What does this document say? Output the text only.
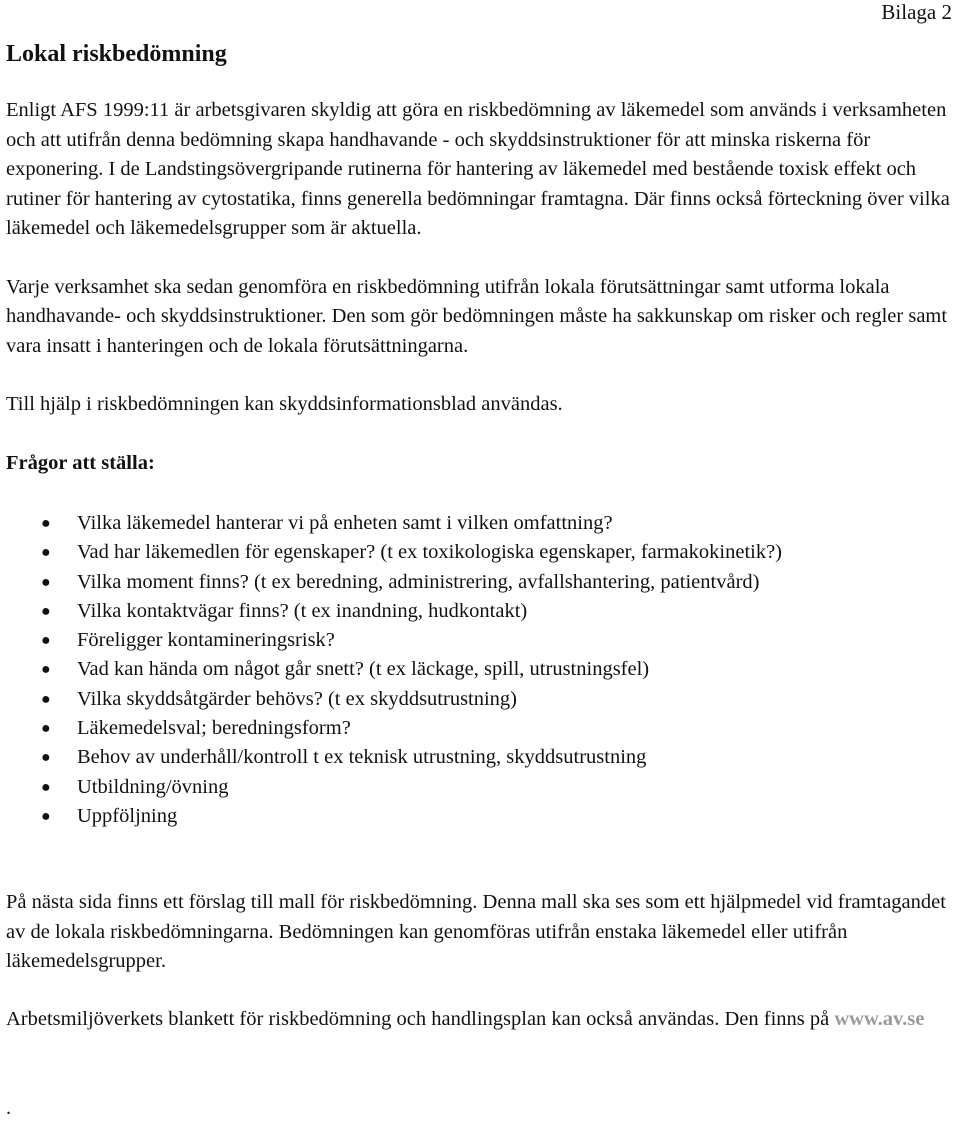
Bilaga 2

Lokal riskbedömning

Enligt AFS 1999:11 är arbetsgivaren skyldig att göra en riskbedömning av läkemedel som används i verksamheten och att utifrån denna bedömning skapa handhavande - och skyddsinstruktioner för att minska riskerna för exponering. I de Landstingsövergripande rutinerna för hantering av läkemedel med bestående toxisk effekt och rutiner för hantering av cytostatika, finns generella bedömningar framtagna. Där finns också förteckning över vilka läkemedel och läkemedelsgrupper som är aktuella.

Varje verksamhet ska sedan genomföra en riskbedömning utifrån lokala förutsättningar samt utforma lokala handhavande- och skyddsinstruktioner. Den som gör bedömningen måste ha sakkunskap om risker och regler samt vara insatt i hanteringen och de lokala förutsättningarna.

Till hjälp i riskbedömningen kan skyddsinformationsblad användas.

Frågor att ställa:

● Vilka läkemedel hanterar vi på enheten samt i vilken omfattning?
● Vad har läkemedlen för egenskaper? (t ex toxikologiska egenskaper, farmakokinetik?)
● Vilka moment finns? (t ex beredning, administrering, avfallshantering, patientvård)
● Vilka kontaktvägar finns? (t ex inandning, hudkontakt)
● Föreligger kontamineringsrisk?
● Vad kan hända om något går snett? (t ex läckage, spill, utrustningsfel)
● Vilka skyddsåtgärder behövs? (t ex skyddsutrustning)
● Läkemedelsval; beredningsform?
● Behov av underhåll/kontroll t ex teknisk utrustning, skyddsutrustning
● Utbildning/övning
● Uppföljning

På nästa sida finns ett förslag till mall för riskbedömning. Denna mall ska ses som ett hjälpmedel vid framtagandet av de lokala riskbedömningarna. Bedömningen kan genomföras utifrån enstaka läkemedel eller utifrån läkemedelsgrupper.

Arbetsmiljöverkets blankett för riskbedömning och handlingsplan kan också användas. Den finns på www.av.se

.
